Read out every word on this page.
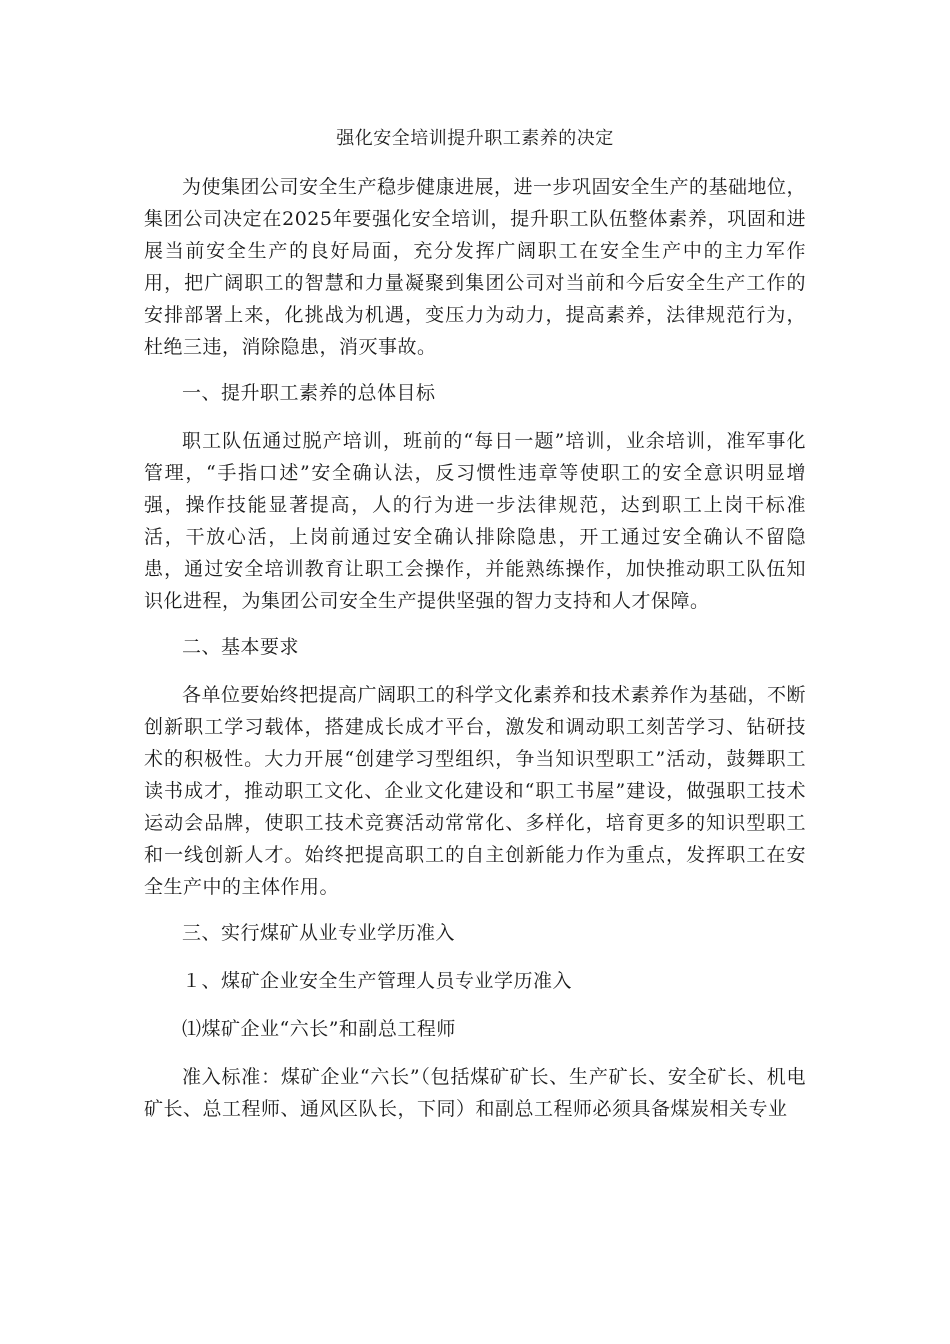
强化安全培训提升职工素养的决定

为使集团公司安全生产稳步健康进展，进一步巩固安全生产的基础地位，集团公司决定在2025年要强化安全培训，提升职工队伍整体素养，巩固和进展当前安全生产的良好局面，充分发挥广阔职工在安全生产中的主力军作用，把广阔职工的智慧和力量凝聚到集团公司对当前和今后安全生产工作的安排部署上来，化挑战为机遇，变压力为动力，提高素养，法律规范行为，杜绝三违，消除隐患，消灭事故。

一、提升职工素养的总体目标

职工队伍通过脱产培训，班前的“每日一题”培训，业余培训，准军事化管理，“手指口述”安全确认法，反习惯性违章等使职工的安全意识明显增强，操作技能显著提高，人的行为进一步法律规范，达到职工上岗干标准活，干放心活，上岗前通过安全确认排除隐患，开工通过安全确认不留隐患，通过安全培训教育让职工会操作，并能熟练操作，加快推动职工队伍知识化进程，为集团公司安全生产提供坚强的智力支持和人才保障。

二、基本要求

各单位要始终把提高广阔职工的科学文化素养和技术素养作为基础，不断创新职工学习载体，搭建成长成才平台，激发和调动职工刻苦学习、钻研技术的积极性。大力开展“创建学习型组织，争当知识型职工”活动，鼓舞职工读书成才，推动职工文化、企业文化建设和“职工书屋”建设，做强职工技术运动会品牌，使职工技术竞赛活动常常化、多样化，培育更多的知识型职工和一线创新人才。始终把提高职工的自主创新能力作为重点，发挥职工在安全生产中的主体作用。

三、实行煤矿从业专业学历准入

１、煤矿企业安全生产管理人员专业学历准入

⑴煤矿企业“六长”和副总工程师

准入标准：煤矿企业“六长”（包括煤矿矿长、生产矿长、安全矿长、机电矿长、总工程师、通风区队长，下同）和副总工程师必须具备煤炭相关专业
